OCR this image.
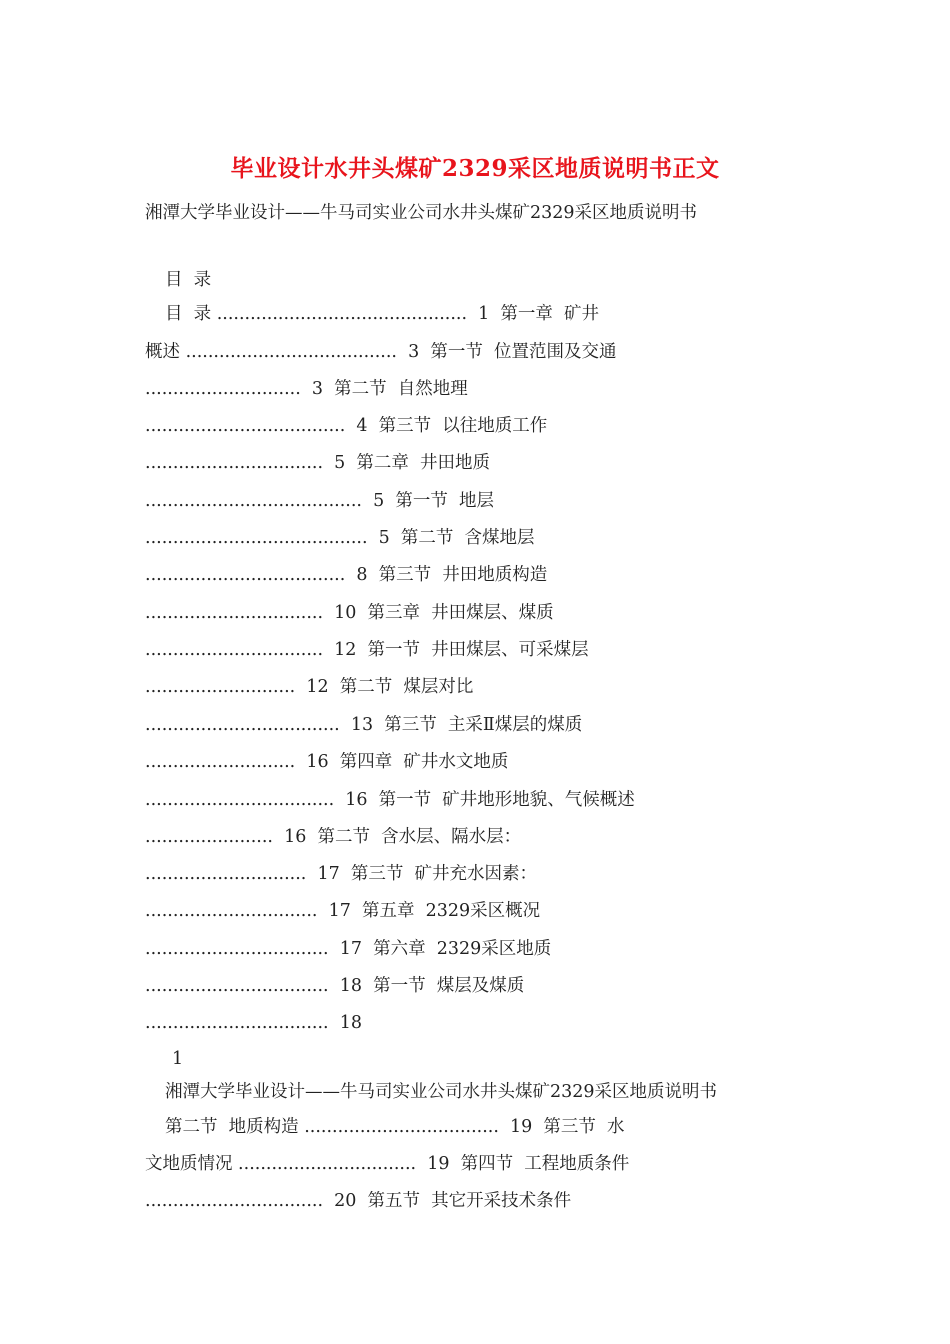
毕业设计水井头煤矿2329采区地质说明书正文
湘潭大学毕业设计——牛马司实业公司水井头煤矿2329采区地质说明书
目  录
目  录 .............................................  1  第一章  矿井
概述 ......................................  3  第一节  位置范围及交通
............................  3  第二节  自然地理
....................................  4  第三节  以往地质工作
................................  5  第二章  井田地质
.......................................  5  第一节  地层
........................................  5  第二节  含煤地层
....................................  8  第三节  井田地质构造
................................  10  第三章  井田煤层、煤质
................................  12  第一节  井田煤层、可采煤层
...........................  12  第二节  煤层对比
...................................  13  第三节  主采Ⅱ煤层的煤质
...........................  16  第四章  矿井水文地质
..................................  16  第一节  矿井地形地貌、气候概述
.......................  16  第二节  含水层、隔水层：
.............................  17  第三节  矿井充水因素：
...............................  17  第五章  2329采区概况
.................................  17  第六章  2329采区地质
.................................  18  第一节  煤层及煤质
.................................  18
1
湘潭大学毕业设计——牛马司实业公司水井头煤矿2329采区地质说明书
第二节  地质构造 ...................................  19  第三节  水
文地质情况 ................................  19  第四节  工程地质条件
................................  20  第五节  其它开采技术条件
